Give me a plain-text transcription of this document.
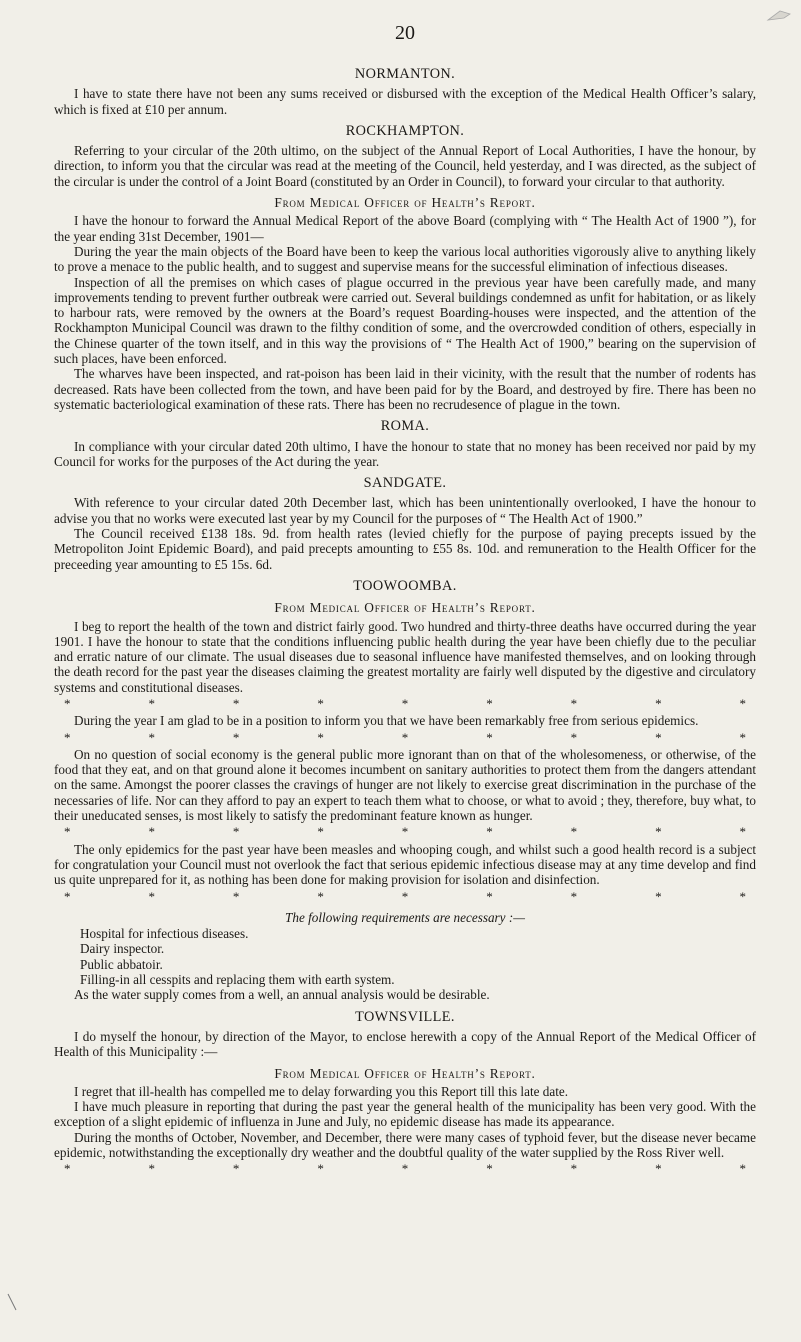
20
NORMANTON.

I have to state there have not been any sums received or disbursed with the exception of the Medical Health Officer’s salary, which is fixed at £10 per annum.

ROCKHAMPTON.

Referring to your circular of the 20th ultimo, on the subject of the Annual Report of Local Authorities, I have the honour, by direction, to inform you that the circular was read at the meeting of the Council, held yesterday, and I was directed, as the subject of the circular is under the control of a Joint Board (constituted by an Order in Council), to forward your circular to that authority.

From Medical Officer of Health’s Report.

I have the honour to forward the Annual Medical Report of the above Board (complying with “ The Health Act of 1900 ”), for the year ending 31st December, 1901—

During the year the main objects of the Board have been to keep the various local authorities vigorously alive to anything likely to prove a menace to the public health, and to suggest and supervise means for the successful elimination of infectious diseases.

Inspection of all the premises on which cases of plague occurred in the previous year have been carefully made, and many improvements tending to prevent further outbreak were carried out. Several buildings condemned as unfit for habitation, or as likely to harbour rats, were removed by the owners at the Board’s request Boarding-houses were inspected, and the attention of the Rockhampton Municipal Council was drawn to the filthy condition of some, and the overcrowded condition of others, especially in the Chinese quarter of the town itself, and in this way the provisions of “ The Health Act of 1900,” bearing on the supervision of such places, have been enforced.

The wharves have been inspected, and rat-poison has been laid in their vicinity, with the result that the number of rodents has decreased. Rats have been collected from the town, and have been paid for by the Board, and destroyed by fire. There has been no systematic bacteriological examination of these rats. There has been no recrudesence of plague in the town.

ROMA.

In compliance with your circular dated 20th ultimo, I have the honour to state that no money has been received nor paid by my Council for works for the purposes of the Act during the year.

SANDGATE.

With reference to your circular dated 20th December last, which has been unintentionally overlooked, I have the honour to advise you that no works were executed last year by my Council for the purposes of “ The Health Act of 1900.”

The Council received £138 18s. 9d. from health rates (levied chiefly for the purpose of paying precepts issued by the Metropoliton Joint Epidemic Board), and paid precepts amounting to £55 8s. 10d. and remuneration to the Health Officer for the preceeding year amounting to £5 15s. 6d.

TOOWOOMBA.
From Medical Officer of Health’s Report.

I beg to report the health of the town and district fairly good. Two hundred and thirty-three deaths have occurred during the year 1901. I have the honour to state that the conditions influencing public health during the year have been chiefly due to the peculiar and erratic nature of our climate. The usual diseases due to seasonal influence have manifested themselves, and on looking through the death record for the past year the diseases claiming the greatest mortality are fairly well disputed by the digestive and circulatory systems and constitutional diseases.

*	*	*	*	*	*	*	*	*

During the year I am glad to be in a position to inform you that we have been remarkably free from serious epidemics.

*	*	*	*	*	*	*	*	*

On no question of social economy is the general public more ignorant than on that of the wholesomeness, or otherwise, of the food that they eat, and on that ground alone it becomes incumbent on sanitary authorities to protect them from the dangers attendant on the same. Amongst the poorer classes the cravings of hunger are not likely to exercise great discrimination in the purchase of the necessaries of life. Nor can they afford to pay an expert to teach them what to choose, or what to avoid ; they, therefore, buy what, to their uneducated senses, is most likely to satisfy the predominant feature known as hunger.

*	*	*	*	*	*	*	*	*

The only epidemics for the past year have been measles and whooping cough, and whilst such a good health record is a subject for congratulation your Council must not overlook the fact that serious epidemic infectious disease may at any time develop and find us quite unprepared for it, as nothing has been done for making provision for isolation and disinfection.

*	*	*	*	*	*	*	*	*
The following requirements are necessary :—
Hospital for infectious diseases.
Dairy inspector.
Public abbatoir.
Filling-in all cesspits and replacing them with earth system.

As the water supply comes from a well, an annual analysis would be desirable.

TOWNSVILLE.

I do myself the honour, by direction of the Mayor, to enclose herewith a copy of the Annual Report of the Medical Officer of Health of this Municipality :—

From Medical Officer of Health’s Report.

I regret that ill-health has compelled me to delay forwarding you this Report till this late date.

I have much pleasure in reporting that during the past year the general health of the municipality has been very good. With the exception of a slight epidemic of influenza in June and July, no epidemic disease has made its appearance.

During the months of October, November, and December, there were many cases of typhoid fever, but the disease never became epidemic, notwithstanding the exceptionally dry weather and the doubtful quality of the water supplied by the Ross River well.

*	*	*	*	*	*	*	*	*
